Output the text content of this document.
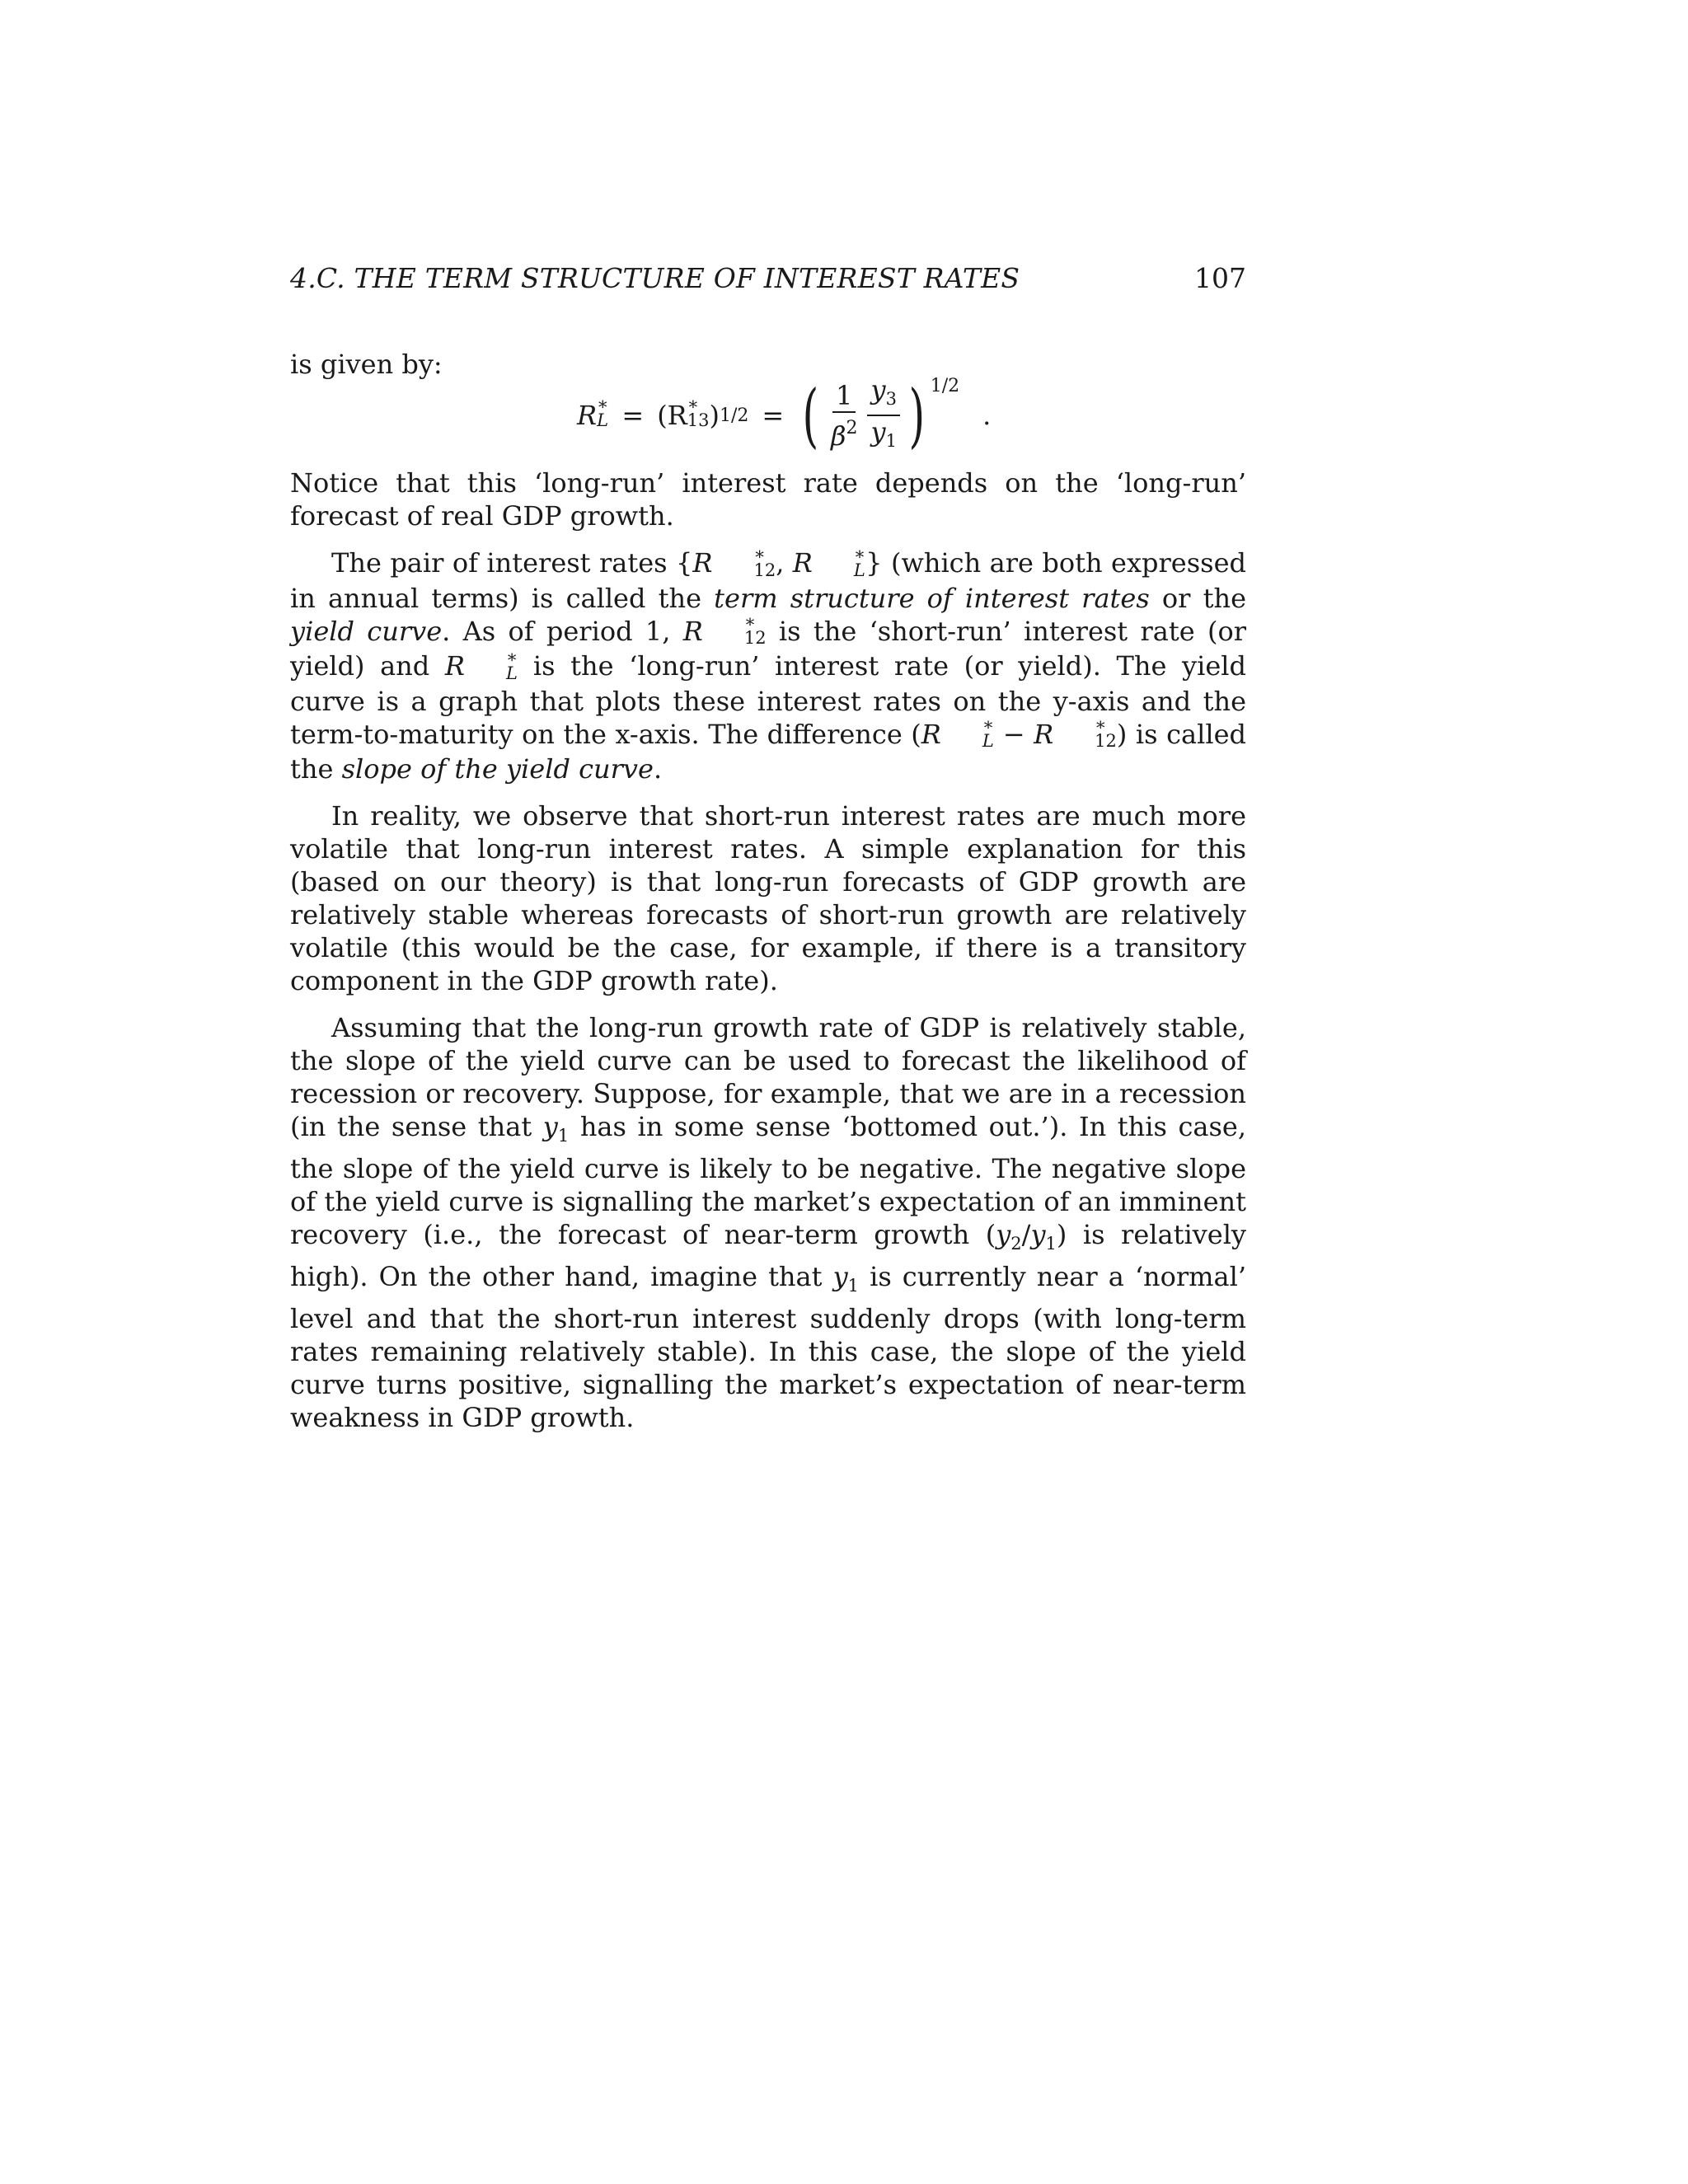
4.C. THE TERM STRUCTURE OF INTEREST RATES	107

is given by:

R ∗
L = (R ∗
13 ) 1/2 = ( $\frac{1}{\beta^2} \frac{y_3}{y_1}$ ) 1/2
.

Notice that this ‘long-run’ interest rate depends on the ‘long-run’ forecast of real GDP growth.

The pair of interest rates {R	∗
12 , R	∗
L } (which are both expressed in annual terms) is called the term structure of interest rates or the yield curve. As of period 1, R	∗
12 is the ‘short-run’ interest rate (or yield) and R	∗
L is the ‘long-run’ interest rate (or yield). The yield curve is a graph that plots these interest rates on the y-axis and the term-to-maturity on the x-axis. The difference (R	∗
L − R	∗
12 ) is called the slope of the yield curve.

In reality, we observe that short-run interest rates are much more volatile that long-run interest rates. A simple explanation for this (based on our theory) is that long-run forecasts of GDP growth are relatively stable whereas forecasts of short-run growth are relatively volatile (this would be the case, for example, if there is a transitory component in the GDP growth rate).

Assuming that the long-run growth rate of GDP is relatively stable, the slope of the yield curve can be used to forecast the likelihood of recession or recovery. Suppose, for example, that we are in a recession (in the sense that $y_1$ has in some sense ‘bottomed out.’). In this case, the slope of the yield curve is likely to be negative. The negative slope of the yield curve is signalling the market’s expectation of an imminent recovery (i.e., the forecast of near-term growth $(y_2/y_1)$ is relatively high). On the other hand, imagine that $y_1$ is currently near a ‘normal’ level and that the short-run interest suddenly drops (with long-term rates remaining relatively stable). In this case, the slope of the yield curve turns positive, signalling the market’s expectation of near-term weakness in GDP growth.
